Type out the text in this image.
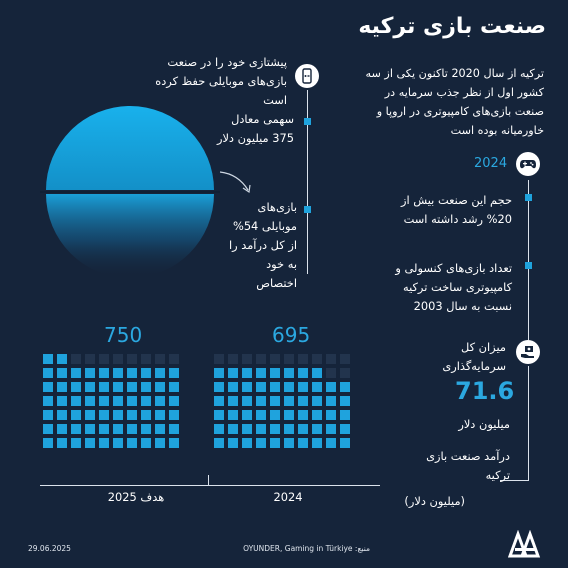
صنعت بازی ترکیه
ترکیه از سال 2020 تاکنون یکی از سه کشور اول از نظر جذب سرمایه در صنعت بازی‌های کامپیوتری در اروپا و خاورمیانه بوده است
پیشتازی خود را در صنعت بازی‌های موبایلی حفظ کرده است
سهمی معادل 375 میلیون دلار
بازی‌های موبایلی 54% از کل درآمد را به خود اختصاص
2024
حجم این صنعت بیش از 20% رشد داشته است
تعداد بازی‌های کنسولی و کامپیوتری ساخت ترکیه نسبت به سال 2003
میزان کل سرمایه‌گذاری
71.6
میلیون دلار
درآمد صنعت بازی ترکیه
(میلیون دلار)
750	695
هدف 2025	2024
29.06.2025	منبع: OYUNDER, Gaming in Türkiye
